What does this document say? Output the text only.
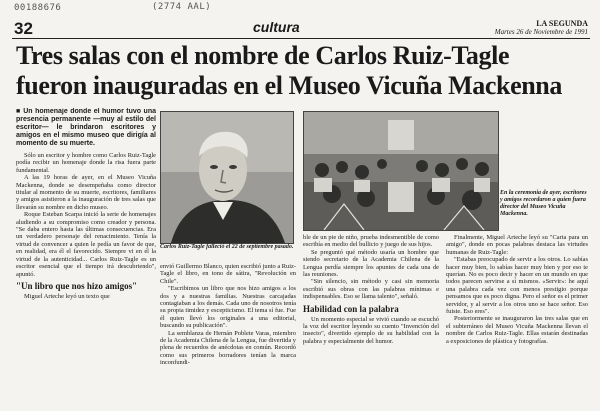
00188676	(2774 AAL)
32	cultura	LA SEGUNDA
Martes 26 de Noviembre de 1991
Tres salas con el nombre de Carlos Ruiz-Tagle
fueron inauguradas en el Museo Vicuña Mackenna
■ Un homenaje donde el humor tuvo una presencia permanente —muy al estilo del escritor— le brindaron escritores y amigos en el mismo museo que dirigía al momento de su muerte.

Sólo un escritor y hombre como Carlos Ruiz-Tagle podía recibir un homenaje donde la risa fuera parte fundamental.

A las 19 horas de ayer, en el Museo Vicuña Mackenna, donde se desempeñaba como director titular al momento de su muerte, escritores, familiares y amigos asistieron a la inauguración de tres salas que llevarán su nombre en dicho museo.

Roque Esteban Scarpa inició la serie de homenajes aludiendo a su compromiso como creador y persona. "Se daba entero hasta las últimas consecuencias. Era un verdadero personaje del renacimiento. Tenía la virtud de convencer a quien le pedía un favor de que, en realidad, era él el favorecido. Siempre vi en él la virtud de la autenticidad... Carlos Ruiz-Tagle es un escritor esencial que el tiempo irá descubriendo", apuntó.

"Un libro que nos hizo amigos"

Miguel Arteche leyó un texto que

Carlos Ruiz-Tagle falleció el 22 de septiembre pasado.

envió Guillermo Blanco, quien escribió junto a Ruiz-Tagle el libro, en tono de sátira, "Revolución en Chile".

"Escribimos un libro que nos hizo amigos a los dos y a nuestras familias. Nuestras carcajadas contagiaban a los demás. Cada uno de nosotros tenía su propia timidez y escepticismo. El tema sí fue. Fue él quien llevó los originales a una editorial, buscando su publicación".

La semblanza de Hernán Poblete Varas, miembro de la Academia Chilena de la Lengua, fue divertida y plena de recuerdos de anécdotas en común. Recordó como sus primeros borradores tenían la marca inconfundi-

En la ceremonia de ayer, escritores y amigos recordaron a quien fuera director del Museo Vicuña Mackenna.

ble de un pie de niño, prueba indesmentible de como escribía en medio del bullicio y juego de sus hijos.

Se preguntó qué método usaría un hombre que siendo secretario de la Academia Chilena de la Lengua perdía siempre los apuntes de cada una de las reuniones.

"Sin silencio, sin método y casi sin memoria escribió sus obras con las palabras mínimas e indispensables. Eso se llama talento", señaló.

Habilidad con la palabra

Un momento especial se vivió cuando se escuchó la voz del escritor leyendo su cuento "Invención del insecto", divertido ejemplo de su habilidad con la palabra y especialmente del humor.

Finalmente, Miguel Arteche leyó su "Carta para un amigo", donde en pocas palabras destaca las virtudes humanas de Ruiz-Tagle:

"Estabas preocupado de servir a los otros. Lo sabías hacer muy bien, lo sabías hacer muy bien y por eso te querían. No es poco decir y hacer en un mundo en que todos parecen servirse a sí mismos. «Servir»: he aquí una palabra cada vez con menos prestigio porque pensamos que es poco digna. Pero el señor es el primer servidor, y al servir a los otros uno se hace señor. Eso fuiste. Eso eres".

Posteriormente se inauguraron las tres salas que en el subterráneo del Museo Vicuña Mackenna llevan el nombre de Carlos Ruiz-Tagle. Ellas estarán destinadas a exposiciones de plástica y fotografías.
